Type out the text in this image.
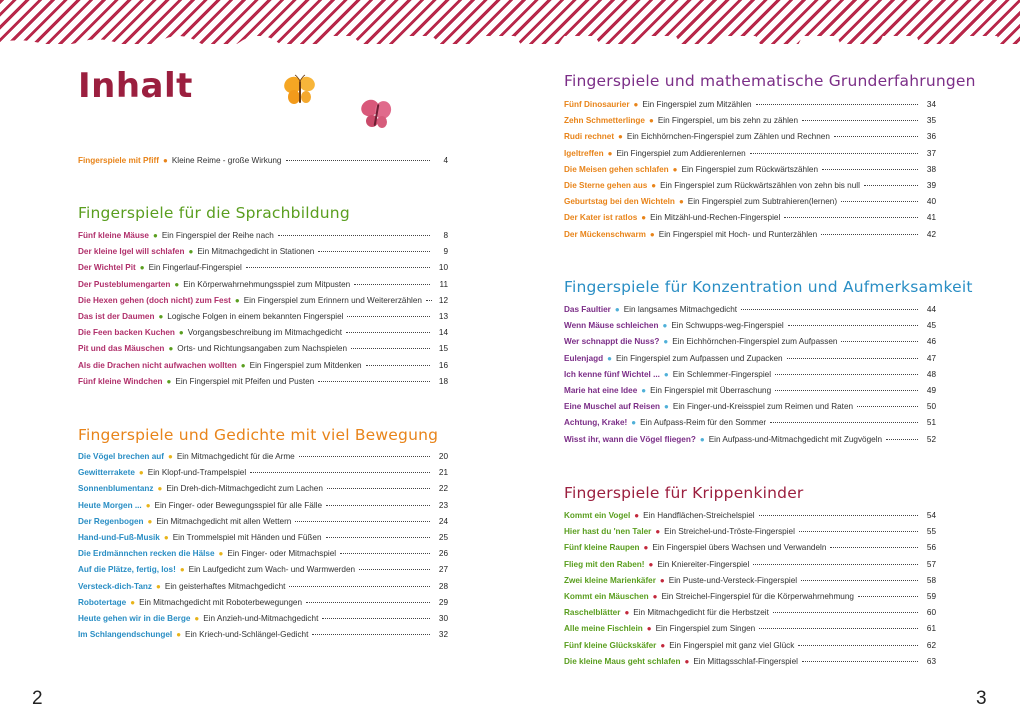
Inhalt
Fingerspiele mit Pfiff ● Kleine Reime - große Wirkung	4
Fingerspiele für die Sprachbildung
Fünf kleine Mäuse ● Ein Fingerspiel der Reihe nach	8
Der kleine Igel will schlafen ● Ein Mitmachgedicht in Stationen	9
Der Wichtel Pit ● Ein Fingerlauf-Fingerspiel	10
Der Pusteblumengarten ● Ein Körperwahrnehmungsspiel zum Mitpusten	11
Die Hexen gehen (doch nicht) zum Fest ● Ein Fingerspiel zum Erinnern und Weitererzählen	12
Das ist der Daumen ● Logische Folgen in einem bekannten Fingerspiel	13
Die Feen backen Kuchen ● Vorgangsbeschreibung im Mitmachgedicht	14
Pit und das Mäuschen ● Orts- und Richtungsangaben zum Nachspielen	15
Als die Drachen nicht aufwachen wollten ● Ein Fingerspiel zum Mitdenken	16
Fünf kleine Windchen ● Ein Fingerspiel mit Pfeifen und Pusten	18
Fingerspiele und Gedichte mit viel Bewegung
Die Vögel brechen auf ● Ein Mitmachgedicht für die Arme	20
Gewitterrakete ● Ein Klopf-und-Trampelspiel	21
Sonnenblumentanz ● Ein Dreh-dich-Mitmachgedicht zum Lachen	22
Heute Morgen ... ● Ein Finger- oder Bewegungsspiel für alle Fälle	23
Der Regenbogen ● Ein Mitmachgedicht mit allen Wettern	24
Hand-und-Fuß-Musik ● Ein Trommelspiel mit Händen und Füßen	25
Die Erdmännchen recken die Hälse ● Ein Finger- oder Mitmachspiel	26
Auf die Plätze, fertig, los! ● Ein Laufgedicht zum Wach- und Warmwerden	27
Versteck-dich-Tanz ● Ein geisterhaftes Mitmachgedicht	28
Robotertage ● Ein Mitmachgedicht mit Roboterbewegungen	29
Heute gehen wir in die Berge ● Ein Anzieh-und-Mitmachgedicht	30
Im Schlangendschungel ● Ein Kriech-und-Schlängel-Gedicht	32
2
Fingerspiele und mathematische Grunderfahrungen
Fünf Dinosaurier ● Ein Fingerspiel zum Mitzählen	34
Zehn Schmetterlinge ● Ein Fingerspiel, um bis zehn zu zählen	35
Rudi rechnet ● Ein Eichhörnchen-Fingerspiel zum Zählen und Rechnen	36
Igeltreffen ● Ein Fingerspiel zum Addierenlernen	37
Die Meisen gehen schlafen ● Ein Fingerspiel zum Rückwärtszählen	38
Die Sterne gehen aus ● Ein Fingerspiel zum Rückwärtszählen von zehn bis null	39
Geburtstag bei den Wichteln ● Ein Fingerspiel zum Subtrahieren(lernen)	40
Der Kater ist ratlos ● Ein Mitzähl-und-Rechen-Fingerspiel	41
Der Mückenschwarm ● Ein Fingerspiel mit Hoch- und Runterzählen	42
Fingerspiele für Konzentration und Aufmerksamkeit
Das Faultier ● Ein langsames Mitmachgedicht	44
Wenn Mäuse schleichen ● Ein Schwupps-weg-Fingerspiel	45
Wer schnappt die Nuss? ● Ein Eichhörnchen-Fingerspiel zum Aufpassen	46
Eulenjagd ● Ein Fingerspiel zum Aufpassen und Zupacken	47
Ich kenne fünf Wichtel ... ● Ein Schlemmer-Fingerspiel	48
Marie hat eine Idee ● Ein Fingerspiel mit Überraschung	49
Eine Muschel auf Reisen ● Ein Finger-und-Kreisspiel zum Reimen und Raten	50
Achtung, Krake! ● Ein Aufpass-Reim für den Sommer	51
Wisst ihr, wann die Vögel fliegen? ● Ein Aufpass-und-Mitmachgedicht mit Zugvögeln	52
Fingerspiele für Krippenkinder
Kommt ein Vogel ● Ein Handflächen-Streichelspiel	54
Hier hast du 'nen Taler ● Ein Streichel-und-Tröste-Fingerspiel	55
Fünf kleine Raupen ● Ein Fingerspiel übers Wachsen und Verwandeln	56
Flieg mit den Raben! ● Ein Kniereiter-Fingerspiel	57
Zwei kleine Marienkäfer ● Ein Puste-und-Versteck-Fingerspiel	58
Kommt ein Mäuschen ● Ein Streichel-Fingerspiel für die Körperwahrnehmung	59
Raschelblätter ● Ein Mitmachgedicht für die Herbstzeit	60
Alle meine Fischlein ● Ein Fingerspiel zum Singen	61
Fünf kleine Glückskäfer ● Ein Fingerspiel mit ganz viel Glück	62
Die kleine Maus geht schlafen ● Ein Mittagsschlaf-Fingerspiel	63
3
